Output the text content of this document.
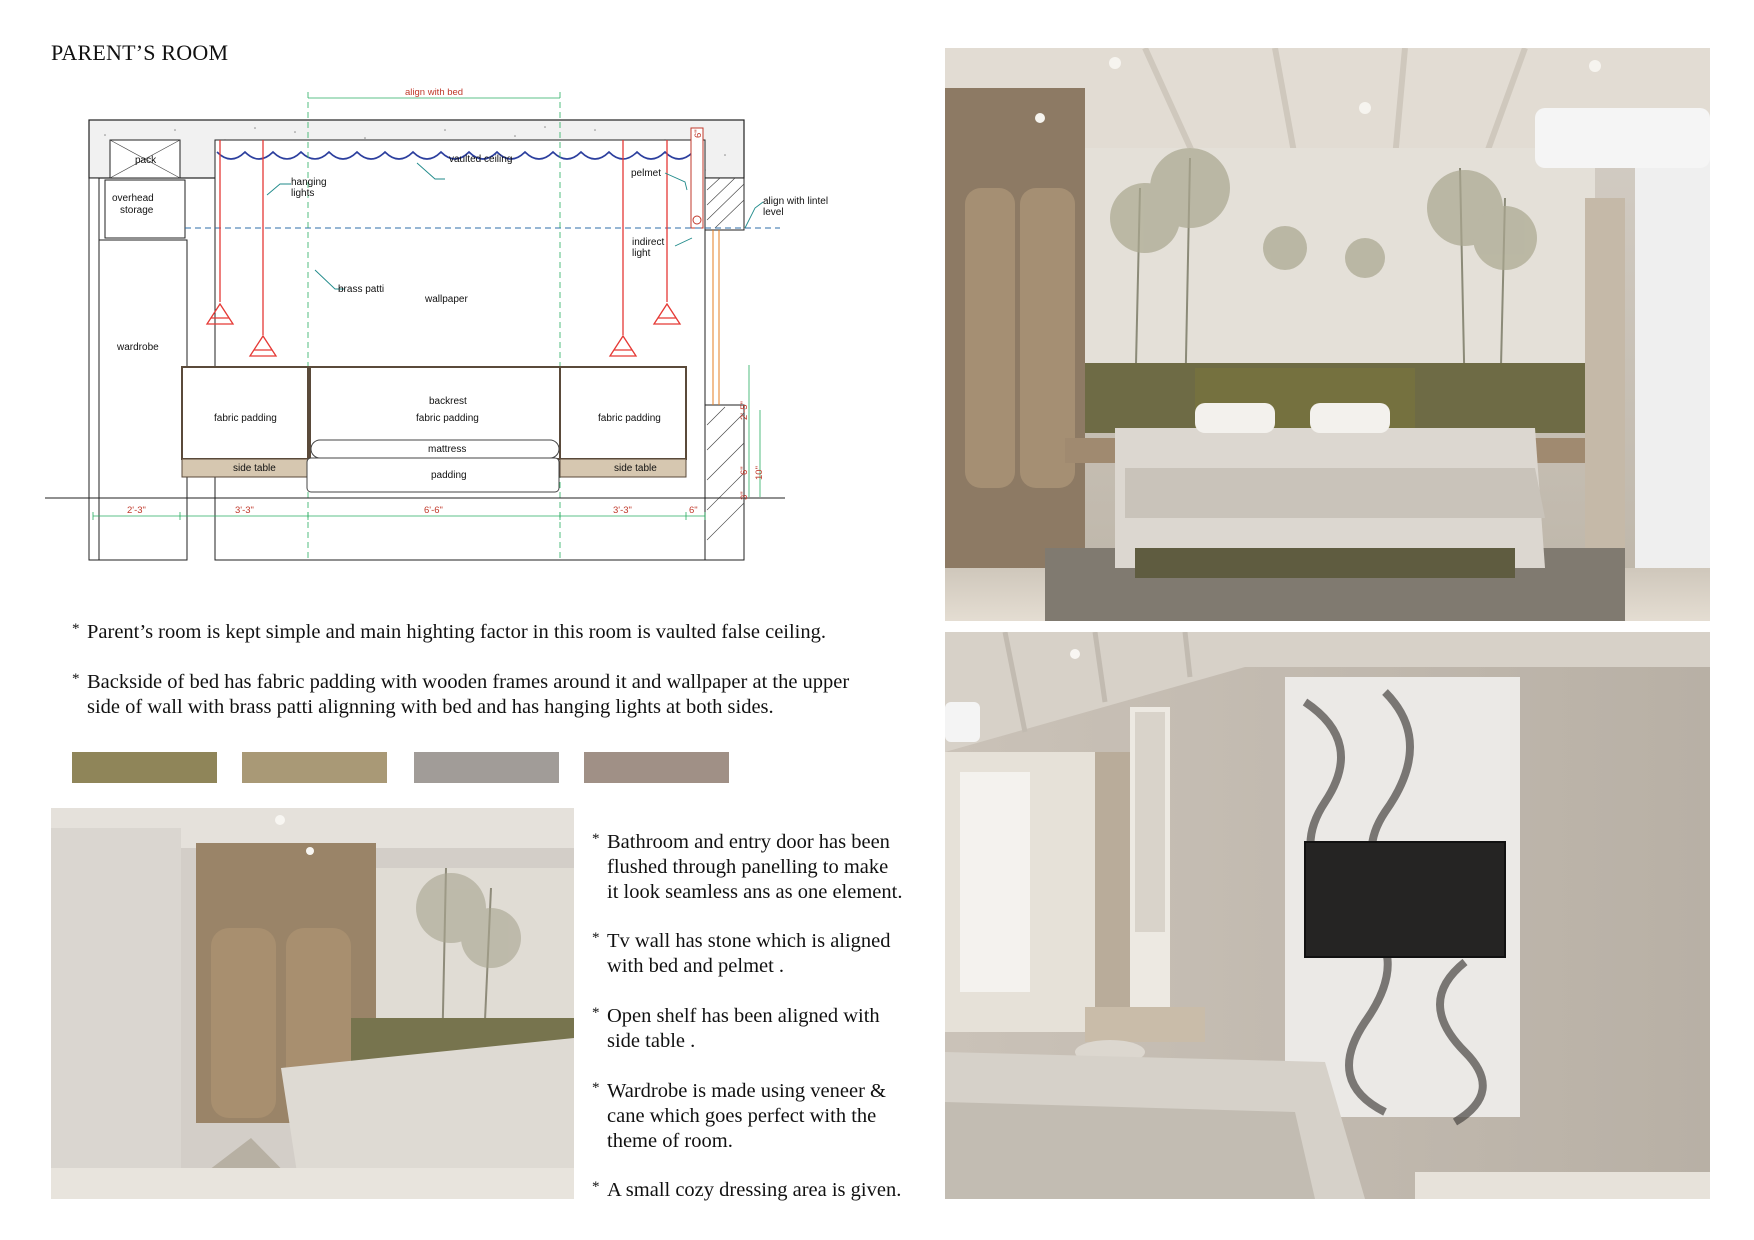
PARENT’S ROOM
align with bed
pack	vaulted ceiling
overhead
storage
hanging
lights
pelmet
align with lintel
level
indirect
light
brass patti
wallpaper
wardrobe
backrest
fabric padding	fabric padding	fabric padding
mattress
side table	side table
padding
2'-3"	3'-3"	6'-6"	3'-3"	6"
6"
2'-5"
6" 10"
3"
* Parent’s room is kept simple and main highting factor in this room is vaulted false ceiling.
* Backside of bed has fabric padding with wooden frames around it and wallpaper at the upper
side of wall with brass patti alignning with bed and has hanging lights at both sides.
* Bathroom and entry door has been
flushed through panelling to make
it look seamless ans as one element.
* Tv wall has stone which is aligned
with bed and pelmet .
* Open shelf has been aligned with
side table .
* Wardrobe is made using veneer &
cane which goes perfect with the
theme of room.
* A small cozy dressing area is given.
